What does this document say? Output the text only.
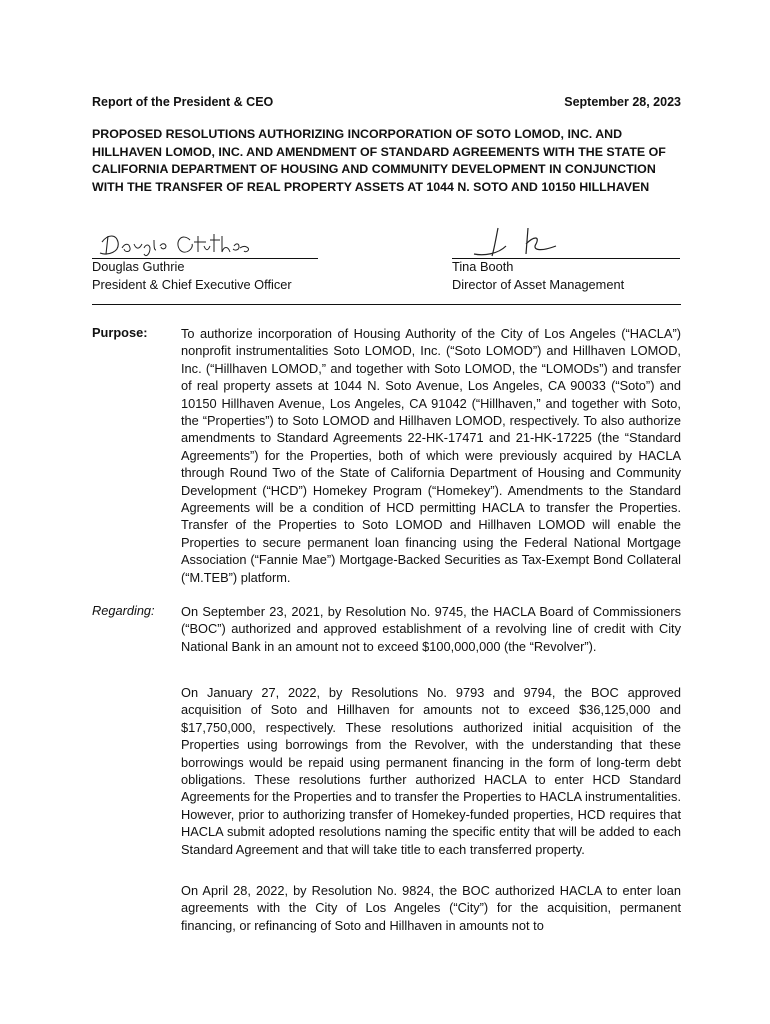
Report of the President & CEO	September 28, 2023
PROPOSED RESOLUTIONS AUTHORIZING INCORPORATION OF SOTO LOMOD, INC. AND HILLHAVEN LOMOD, INC. AND AMENDMENT OF STANDARD AGREEMENTS WITH THE STATE OF CALIFORNIA DEPARTMENT OF HOUSING AND COMMUNITY DEVELOPMENT IN CONJUNCTION WITH THE TRANSFER OF REAL PROPERTY ASSETS AT 1044 N. SOTO AND 10150 HILLHAVEN
Douglas Guthrie
President & Chief Executive Officer
Tina Booth
Director of Asset Management
Purpose:	To authorize incorporation of Housing Authority of the City of Los Angeles (“HACLA”) nonprofit instrumentalities Soto LOMOD, Inc. (“Soto LOMOD”) and Hillhaven LOMOD, Inc. (“Hillhaven LOMOD,” and together with Soto LOMOD, the “LOMODs”) and transfer of real property assets at 1044 N. Soto Avenue, Los Angeles, CA 90033 (“Soto”) and 10150 Hillhaven Avenue, Los Angeles, CA 91042 (“Hillhaven,” and together with Soto, the “Properties”) to Soto LOMOD and Hillhaven LOMOD, respectively. To also authorize amendments to Standard Agreements 22-HK-17471 and 21-HK-17225 (the “Standard Agreements”) for the Properties, both of which were previously acquired by HACLA through Round Two of the State of California Department of Housing and Community Development (“HCD”) Homekey Program (“Homekey”). Amendments to the Standard Agreements will be a condition of HCD permitting HACLA to transfer the Properties. Transfer of the Properties to Soto LOMOD and Hillhaven LOMOD will enable the Properties to secure permanent loan financing using the Federal National Mortgage Association (“Fannie Mae”) Mortgage-Backed Securities as Tax-Exempt Bond Collateral (“M.TEB”) platform.
Regarding: On September 23, 2021, by Resolution No. 9745, the HACLA Board of Commissioners (“BOC”) authorized and approved establishment of a revolving line of credit with City National Bank in an amount not to exceed $100,000,000 (the “Revolver”).
On January 27, 2022, by Resolutions No. 9793 and 9794, the BOC approved acquisition of Soto and Hillhaven for amounts not to exceed $36,125,000 and $17,750,000, respectively. These resolutions authorized initial acquisition of the Properties using borrowings from the Revolver, with the understanding that these borrowings would be repaid using permanent financing in the form of long-term debt obligations. These resolutions further authorized HACLA to enter HCD Standard Agreements for the Properties and to transfer the Properties to HACLA instrumentalities. However, prior to authorizing transfer of Homekey-funded properties, HCD requires that HACLA submit adopted resolutions naming the specific entity that will be added to each Standard Agreement and that will take title to each transferred property.
On April 28, 2022, by Resolution No. 9824, the BOC authorized HACLA to enter loan agreements with the City of Los Angeles (“City”) for the acquisition, permanent financing, or refinancing of Soto and Hillhaven in amounts not to
